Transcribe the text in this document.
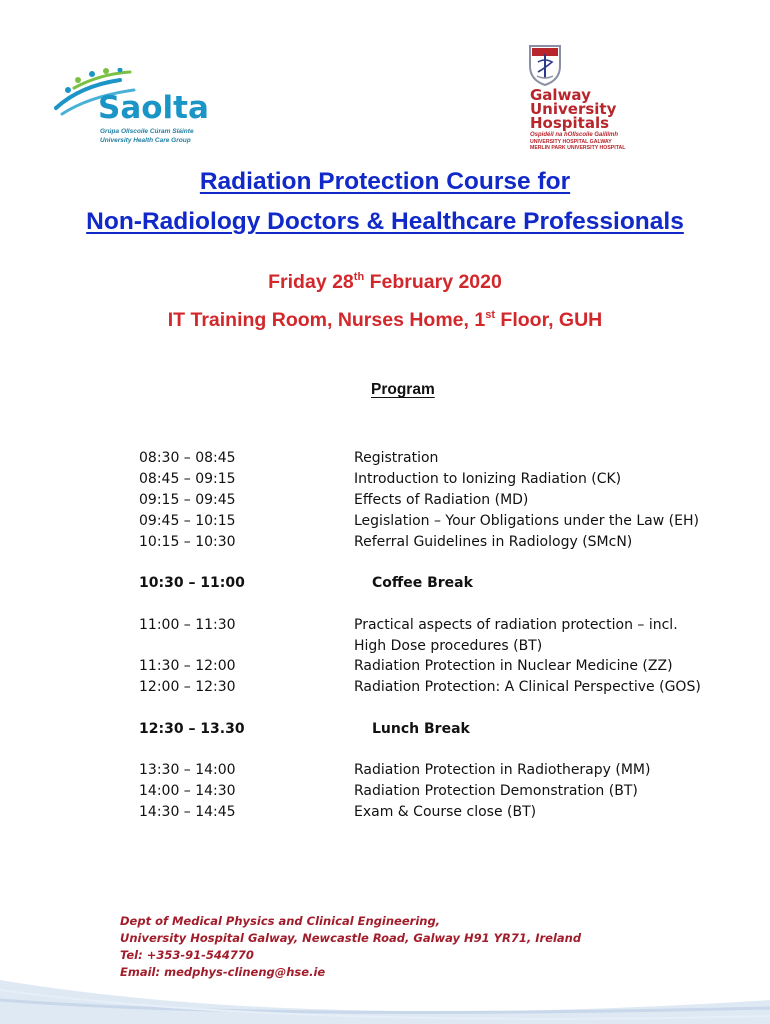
Saolta
Grúpa Ollscoile Cúram Sláinte
University Health Care Group
Galway
University
Hospitals
Ospidéil na hOllscoile Gaillimh
UNIVERSITY HOSPITAL GALWAY
MERLIN PARK UNIVERSITY HOSPITAL
Radiation Protection Course for
Non-Radiology Doctors & Healthcare Professionals
Friday 28th February 2020
IT Training Room, Nurses Home, 1st Floor, GUH
Program
08:30 – 08:45	Registration
08:45 – 09:15	Introduction to Ionizing Radiation (CK)
09:15 – 09:45	Effects of Radiation (MD)
09:45 – 10:15	Legislation – Your Obligations under the Law (EH)
10:15 – 10:30	Referral Guidelines in Radiology (SMcN)
10:30 – 11:00	Coffee Break
11:00 – 11:30	Practical aspects of radiation protection – incl.
High Dose procedures (BT)
11:30 – 12:00	Radiation Protection in Nuclear Medicine (ZZ)
12:00 – 12:30	Radiation Protection: A Clinical Perspective (GOS)
12:30 – 13.30	Lunch Break
13:30 – 14:00	Radiation Protection in Radiotherapy (MM)
14:00 – 14:30	Radiation Protection Demonstration (BT)
14:30 – 14:45	Exam & Course close (BT)
Dept of Medical Physics and Clinical Engineering,
University Hospital Galway, Newcastle Road, Galway H91 YR71, Ireland
Tel: +353-91-544770
Email: medphys-clineng@hse.ie
